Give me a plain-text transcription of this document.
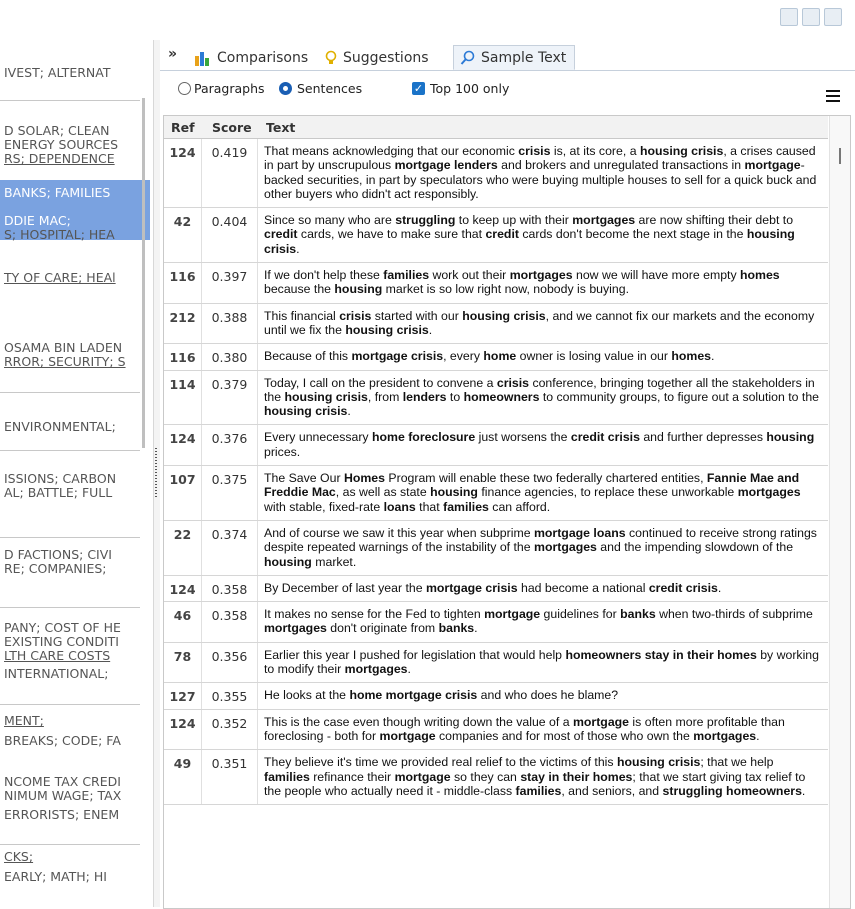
IVEST; ALTERNAT
D SOLAR; CLEAN
ENERGY SOURCES
RS; DEPENDENCE
BANKS; FAMILIES
DDIE MAC;
S; HOSPITAL; HEA
TY OF CARE; HEAl
OSAMA BIN LADEN
RROR; SECURITY; S
ENVIRONMENTAL;
ISSIONS; CARBON
AL; BATTLE; FULL
D FACTIONS; CIVI
RE; COMPANIES;
PANY; COST OF HE
EXISTING CONDITI
LTH CARE COSTS
INTERNATIONAL;
MENT;
BREAKS; CODE; FA
NCOME TAX CREDI
NIMUM WAGE; TAX
ERRORISTS; ENEM
CKS;
EARLY; MATH; HI
»	Comparisons Suggestions	Sample Text
Paragraphs	Sentences	✓ Top 100 only
Ref Score Text
124	0.419	That means acknowledging that our economic crisis is, at its core, a housing crisis, a crises caused in part by unscrupulous mortgage lenders and brokers and unregulated transactions in mortgage- backed securities, in part by speculators who were buying multiple houses to sell for a quick buck and other buyers who didn't act responsibly.
42	0.404	Since so many who are struggling to keep up with their mortgages are now shifting their debt to credit cards, we have to make sure that credit cards don't become the next stage in the housing crisis.
116	0.397	If we don't help these families work out their mortgages now we will have more empty homes because the housing market is so low right now, nobody is buying.
212	0.388	This financial crisis started with our housing crisis, and we cannot fix our markets and the economy until we fix the housing crisis.
116	0.380	Because of this mortgage crisis, every home owner is losing value in our homes.
114	0.379	Today, I call on the president to convene a crisis conference, bringing together all the stakeholders in the housing crisis, from lenders to homeowners to community groups, to figure out a solution to the housing crisis.
124	0.376	Every unnecessary home foreclosure just worsens the credit crisis and further depresses housing prices.
107	0.375	The Save Our Homes Program will enable these two federally chartered entities, Fannie Mae and Freddie Mac, as well as state housing finance agencies, to replace these unworkable mortgages with stable, fixed-rate loans that families can afford.
22	0.374	And of course we saw it this year when subprime mortgage loans continued to receive strong ratings despite repeated warnings of the instability of the mortgages and the impending slowdown of the housing market.
124	0.358	By December of last year the mortgage crisis had become a national credit crisis.
46	0.358	It makes no sense for the Fed to tighten mortgage guidelines for banks when two-thirds of subprime mortgages don't originate from banks.
78	0.356	Earlier this year I pushed for legislation that would help homeowners stay in their homes by working to modify their mortgages.
127	0.355	He looks at the home mortgage crisis and who does he blame?
124	0.352	This is the case even though writing down the value of a mortgage is often more profitable than foreclosing - both for mortgage companies and for most of those who own the mortgages.
49	0.351	They believe it's time we provided real relief to the victims of this housing crisis; that we help families refinance their mortgage so they can stay in their homes; that we start giving tax relief to the people who actually need it - middle-class families, and seniors, and struggling homeowners.
